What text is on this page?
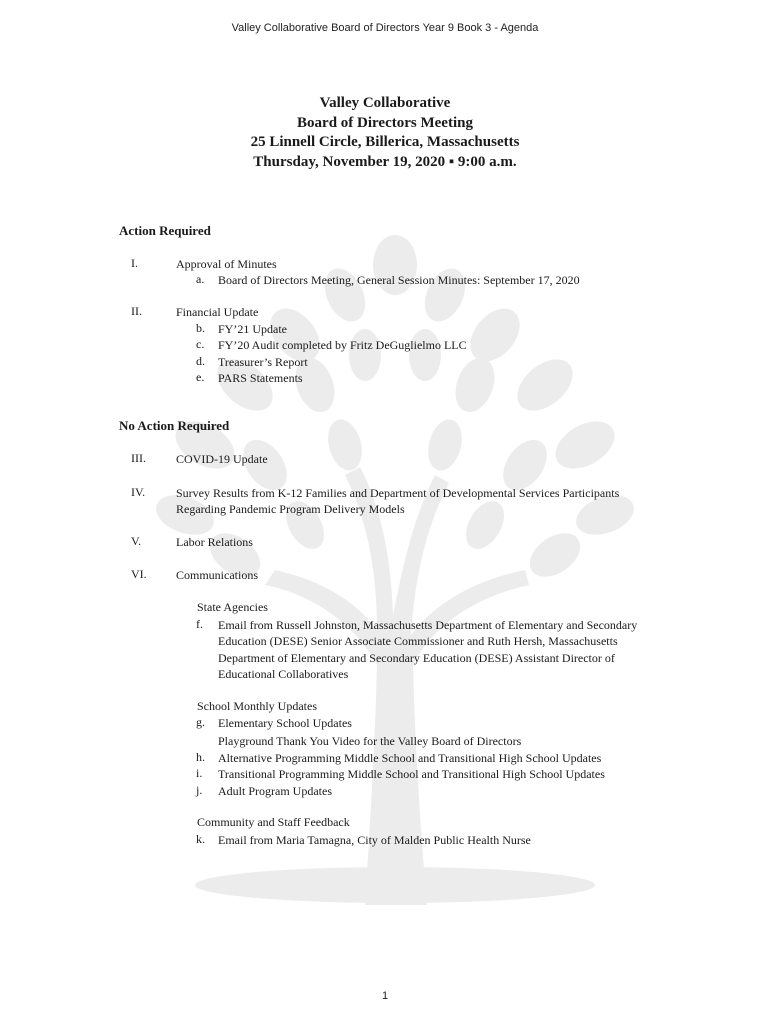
Valley Collaborative Board of Directors Year 9 Book 3 - Agenda
Valley Collaborative
Board of Directors Meeting
25 Linnell Circle, Billerica, Massachusetts
Thursday, November 19, 2020 ▪ 9:00 a.m.
Action Required
I.	Approval of Minutes
a. Board of Directors Meeting, General Session Minutes: September 17, 2020
II.	Financial Update
b. FY’21 Update
c. FY’20 Audit completed by Fritz DeGuglielmo LLC
d. Treasurer’s Report
e. PARS Statements
No Action Required
III.	COVID-19 Update
IV.	Survey Results from K-12 Families and Department of Developmental Services Participants
Regarding Pandemic Program Delivery Models
V.	Labor Relations
VI. Communications
State Agencies
f. Email from Russell Johnston, Massachusetts Department of Elementary and Secondary
Education (DESE) Senior Associate Commissioner and Ruth Hersh, Massachusetts
Department of Elementary and Secondary Education (DESE) Assistant Director of
Educational Collaboratives
School Monthly Updates
g. Elementary School Updates
Playground Thank You Video for the Valley Board of Directors
h. Alternative Programming Middle School and Transitional High School Updates
i. Transitional Programming Middle School and Transitional High School Updates
j. Adult Program Updates
Community and Staff Feedback
k. Email from Maria Tamagna, City of Malden Public Health Nurse
1
